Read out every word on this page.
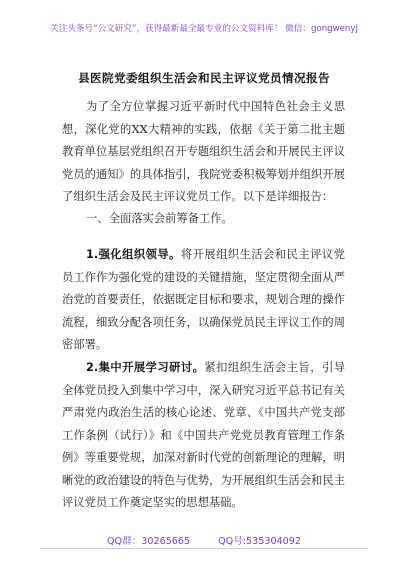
关注头条号“公文研究”，获得最新最全最专业的公文资料库！ 微信：gongwenyj
县医院党委组织生活会和民主评议党员情况报告
为了全方位掌握习近平新时代中国特色社会主义思想，深化党的XX大精神的实践，依据《关于第二批主题教育单位基层党组织召开专题组织生活会和开展民主评议党员的通知》的具体指引，我院党委积极筹划并组织开展了组织生活会及民主评议党员工作。以下是详细报告：
一、全面落实会前筹备工作。
1.强化组织领导。将开展组织生活会和民主评议党员工作作为强化党的建设的关键措施，坚定贯彻全面从严治党的首要责任，依据既定目标和要求，规划合理的操作流程，细致分配各项任务，以确保党员民主评议工作的周密部署。
2.集中开展学习研讨。紧扣组织生活会主旨，引导全体党员投入到集中学习中，深入研究习近平总书记有关严肃党内政治生活的核心论述、党章、《中国共产党支部工作条例（试行）》和《中国共产党党员教育管理工作条例》等重要党规，加深对新时代党的创新理论的理解，明晰党的政治建设的特色与优势，为开展组织生活会和民主评议党员工作奠定坚实的思想基础。
QQ群：30265665	QQ号:535304092
